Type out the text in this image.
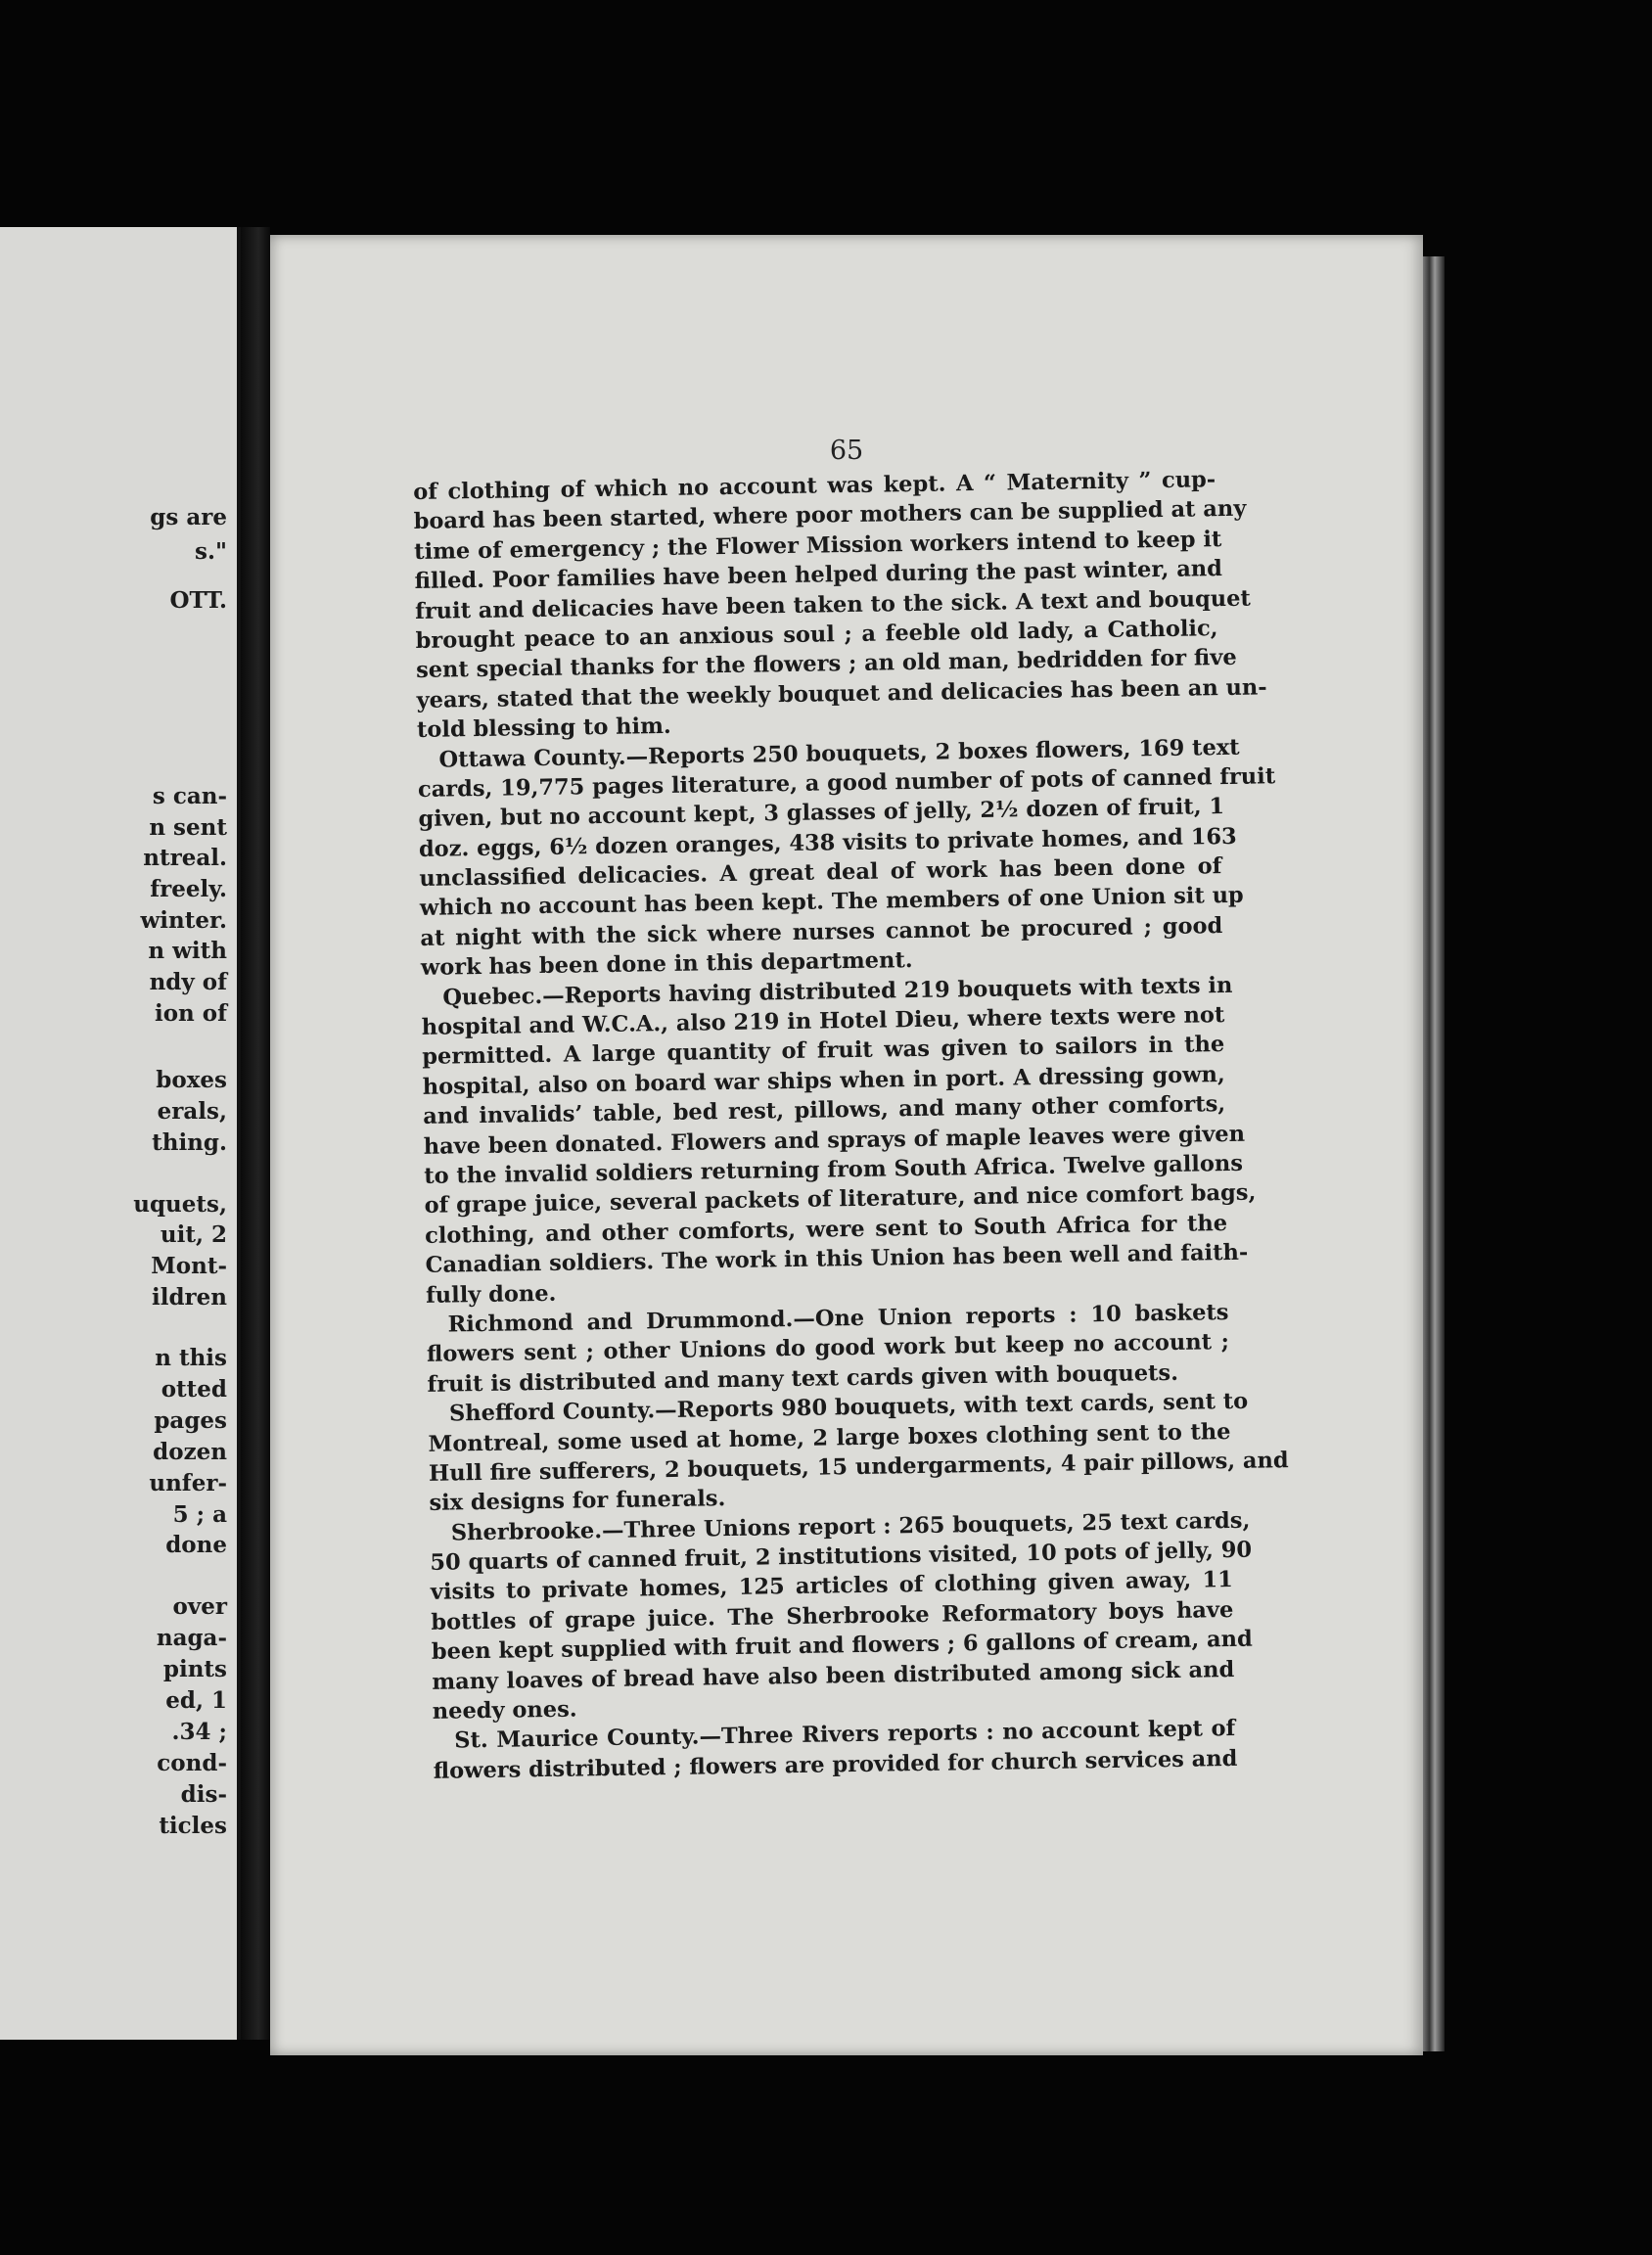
gs are
s."
OTT.
s can-
n sent
ntreal.
freely.
winter.
n with
ndy of
ion of
boxes
erals,
thing.
uquets,
uit, 2
Mont-
ildren
n this
otted
pages
dozen
unfer-
5 ; a
done
over
naga-
pints
ed, 1
.34 ;
cond-
dis-
ticles
65
of clothing of which no account was kept. A “ Maternity ” cup-
board has been started, where poor mothers can be supplied at any
time of emergency ; the Flower Mission workers intend to keep it
filled. Poor families have been helped during the past winter, and
fruit and delicacies have been taken to the sick. A text and bouquet
brought peace to an anxious soul ; a feeble old lady, a Catholic,
sent special thanks for the flowers ; an old man, bedridden for five
years, stated that the weekly bouquet and delicacies has been an un-
told blessing to him.
Ottawa County.—Reports 250 bouquets, 2 boxes flowers, 169 text
cards, 19,775 pages literature, a good number of pots of canned fruit
given, but no account kept, 3 glasses of jelly, 2½ dozen of fruit, 1
doz. eggs, 6½ dozen oranges, 438 visits to private homes, and 163
unclassified delicacies. A great deal of work has been done of
which no account has been kept. The members of one Union sit up
at night with the sick where nurses cannot be procured ; good
work has been done in this department.
Quebec.—Reports having distributed 219 bouquets with texts in
hospital and W.C.A., also 219 in Hotel Dieu, where texts were not
permitted. A large quantity of fruit was given to sailors in the
hospital, also on board war ships when in port. A dressing gown,
and invalids’ table, bed rest, pillows, and many other comforts,
have been donated. Flowers and sprays of maple leaves were given
to the invalid soldiers returning from South Africa. Twelve gallons
of grape juice, several packets of literature, and nice comfort bags,
clothing, and other comforts, were sent to South Africa for the
Canadian soldiers. The work in this Union has been well and faith-
fully done.
Richmond and Drummond.—One Union reports : 10 baskets
flowers sent ; other Unions do good work but keep no account ;
fruit is distributed and many text cards given with bouquets.
Shefford County.—Reports 980 bouquets, with text cards, sent to
Montreal, some used at home, 2 large boxes clothing sent to the
Hull fire sufferers, 2 bouquets, 15 undergarments, 4 pair pillows, and
six designs for funerals.
Sherbrooke.—Three Unions report : 265 bouquets, 25 text cards,
50 quarts of canned fruit, 2 institutions visited, 10 pots of jelly, 90
visits to private homes, 125 articles of clothing given away, 11
bottles of grape juice. The Sherbrooke Reformatory boys have
been kept supplied with fruit and flowers ; 6 gallons of cream, and
many loaves of bread have also been distributed among sick and
needy ones.
St. Maurice County.—Three Rivers reports : no account kept of
flowers distributed ; flowers are provided for church services and
